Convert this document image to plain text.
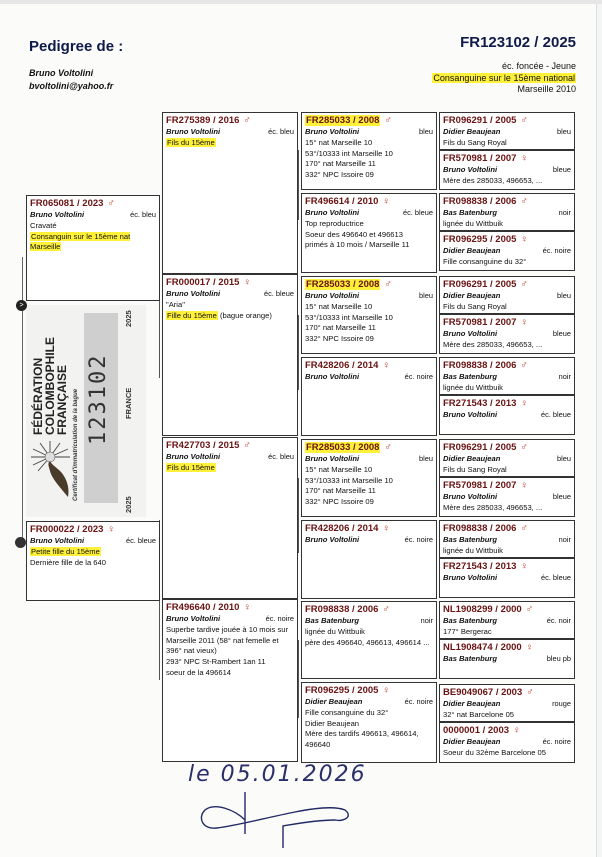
Pedigree de :
Bruno Voltolini
bvoltolini@yahoo.fr
FR123102 / 2025
éc. foncée - Jeune
Consanguine sur le 15ème national
Marseille 2010
FR065081 / 2023 ♂
Bruno Voltolini	éc. bleu
Cravaté
Consanguin sur le 15ème nat Marseille
FR000022 / 2023 ♀
Bruno Voltolini	éc. bleue
Petite fille du 15ème
Dernière fille de la 640
FR275389 / 2016 ♂
Bruno Voltolini	éc. bleu
Fils du 15ème
FR000017 / 2015 ♀
Bruno Voltolini	éc. bleue
"Aria"
Fille du 15ème (bague orange)
FR427703 / 2015 ♂
Bruno Voltolini	éc. bleu
Fils du 15ème
FR496640 / 2010 ♀
Bruno Voltolini	éc. noire
Superbe tardive jouée à 10 mois sur Marseille 2011 (58° nat femelle et 396° nat vieux)
293° NPC St-Rambert 1an 11
soeur de la 496614
FR285033 / 2008 ♂
Bruno Voltolini	bleu
15° nat Marseille 10
53°/10333 int Marseille 10
170° nat Marseille 11
332° NPC Issoire 09
FR496614 / 2010 ♀
Bruno Voltolini	éc. bleue
Top reproductrice
Soeur des 496640 et 496613
primés à 10 mois / Marseille 11
FR285033 / 2008 ♂
Bruno Voltolini	bleu
15° nat Marseille 10
53°/10333 int Marseille 10
170° nat Marseille 11
332° NPC Issoire 09
FR428206 / 2014 ♀
Bruno Voltolini	éc. noire
FR285033 / 2008 ♂
Bruno Voltolini	bleu
15° nat Marseille 10
53°/10333 int Marseille 10
170° nat Marseille 11
332° NPC Issoire 09
FR428206 / 2014 ♀
Bruno Voltolini	éc. noire
FR098838 / 2006 ♂
Bas Batenburg	noir
lignée du Wittbuik
père des 496640, 496613, 496614 ...
FR096295 / 2005 ♀
Didier Beaujean	éc. noire
Fille consanguine du 32°
Didier Beaujean
Mère des tardifs 496613, 496614, 496640
FR096291 / 2005 ♂
Didier Beaujean	bleu
Fils du Sang Royal
FR570981 / 2007 ♀
Bruno Voltolini	bleue
Mère des 285033, 496653, ...
FR098838 / 2006 ♂
Bas Batenburg	noir
lignée du Wittbuik
FR096295 / 2005 ♀
Didier Beaujean	éc. noire
Fille consanguine du 32°
FR096291 / 2005 ♂
Didier Beaujean	bleu
Fils du Sang Royal
FR570981 / 2007 ♀
Bruno Voltolini	bleue
Mère des 285033, 496653, ...
FR098838 / 2006 ♂
Bas Batenburg	noir
lignée du Wittbuik
FR271543 / 2013 ♀
Bruno Voltolini	éc. bleue
FR096291 / 2005 ♂
Didier Beaujean	bleu
Fils du Sang Royal
FR570981 / 2007 ♀
Bruno Voltolini	bleue
Mère des 285033, 496653, ...
FR098838 / 2006 ♂
Bas Batenburg	noir
lignée du Wittbuik
FR271543 / 2013 ♀
Bruno Voltolini	éc. bleue
NL1908299 / 2000 ♂
Bas Batenburg	éc. noir
177° Bergerac
NL1908474 / 2000 ♀
Bas Batenburg	bleu pb
BE9049067 / 2003 ♂
Didier Beaujean	rouge
32° nat Barcelone 05
0000001 / 2003 ♀
Didier Beaujean	éc. noire
Soeur du 32ème Barcelone 05
FÉDÉRATION
COLOMBOPHILE
FRANÇAISE Certificat d'immatriculation de la bague 123102
2025
FRANCE
2025
>
le 05.01.2026
